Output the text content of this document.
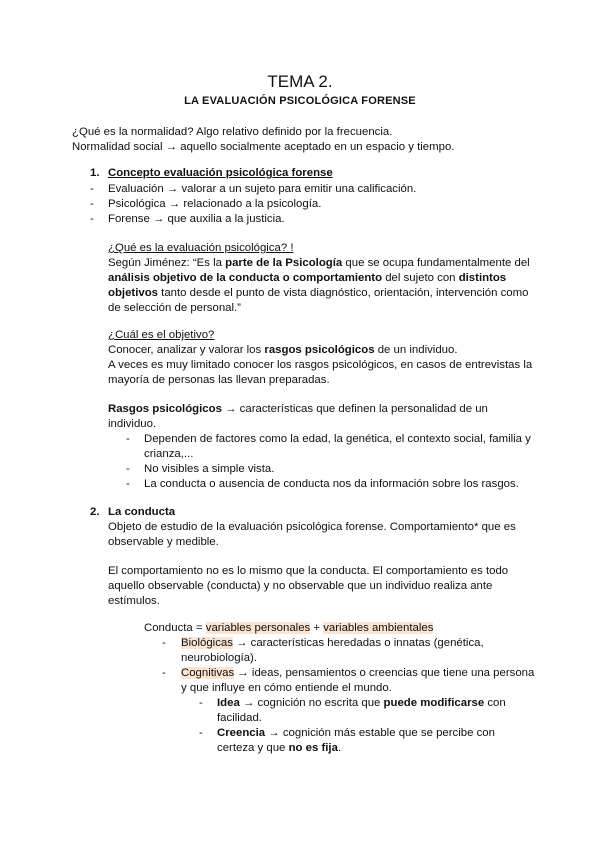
TEMA 2.
LA EVALUACIÓN PSICOLÓGICA FORENSE
¿Qué es la normalidad? Algo relativo definido por la frecuencia.
Normalidad social → aquello socialmente aceptado en un espacio y tiempo.
1. Concepto evaluación psicológica forense
- Evaluación → valorar a un sujeto para emitir una calificación.
- Psicológica → relacionado a la psicología.
- Forense → que auxilia a la justicia.
¿Qué es la evaluación psicológica? !
Según Jiménez: “Es la parte de la Psicología que se ocupa fundamentalmente del
análisis objetivo de la conducta o comportamiento del sujeto con distintos
objetivos tanto desde el punto de vista diagnóstico, orientación, intervención como
de selección de personal.”
¿Cuál es el objetivo?
Conocer, analizar y valorar los rasgos psicológicos de un individuo.
A veces es muy limitado conocer los rasgos psicológicos, en casos de entrevistas la
mayoría de personas las llevan preparadas.
Rasgos psicológicos → características que definen la personalidad de un
individuo.
- Dependen de factores como la edad, la genética, el contexto social, familia y
crianza,...
- No visibles a simple vista.
- La conducta o ausencia de conducta nos da información sobre los rasgos.
2. La conducta
Objeto de estudio de la evaluación psicológica forense. Comportamiento* que es
observable y medible.
El comportamiento no es lo mismo que la conducta. El comportamiento es todo
aquello observable (conducta) y no observable que un individuo realiza ante
estímulos.
Conducta = variables personales + variables ambientales
- Biológicas → características heredadas o innatas (genética,
neurobiología).
- Cognitivas → ideas, pensamientos o creencias que tiene una persona
y que influye en cómo entiende el mundo.
- Idea → cognición no escrita que puede modificarse con
facilidad.
- Creencia → cognición más estable que se percibe con
certeza y que no es fija.
